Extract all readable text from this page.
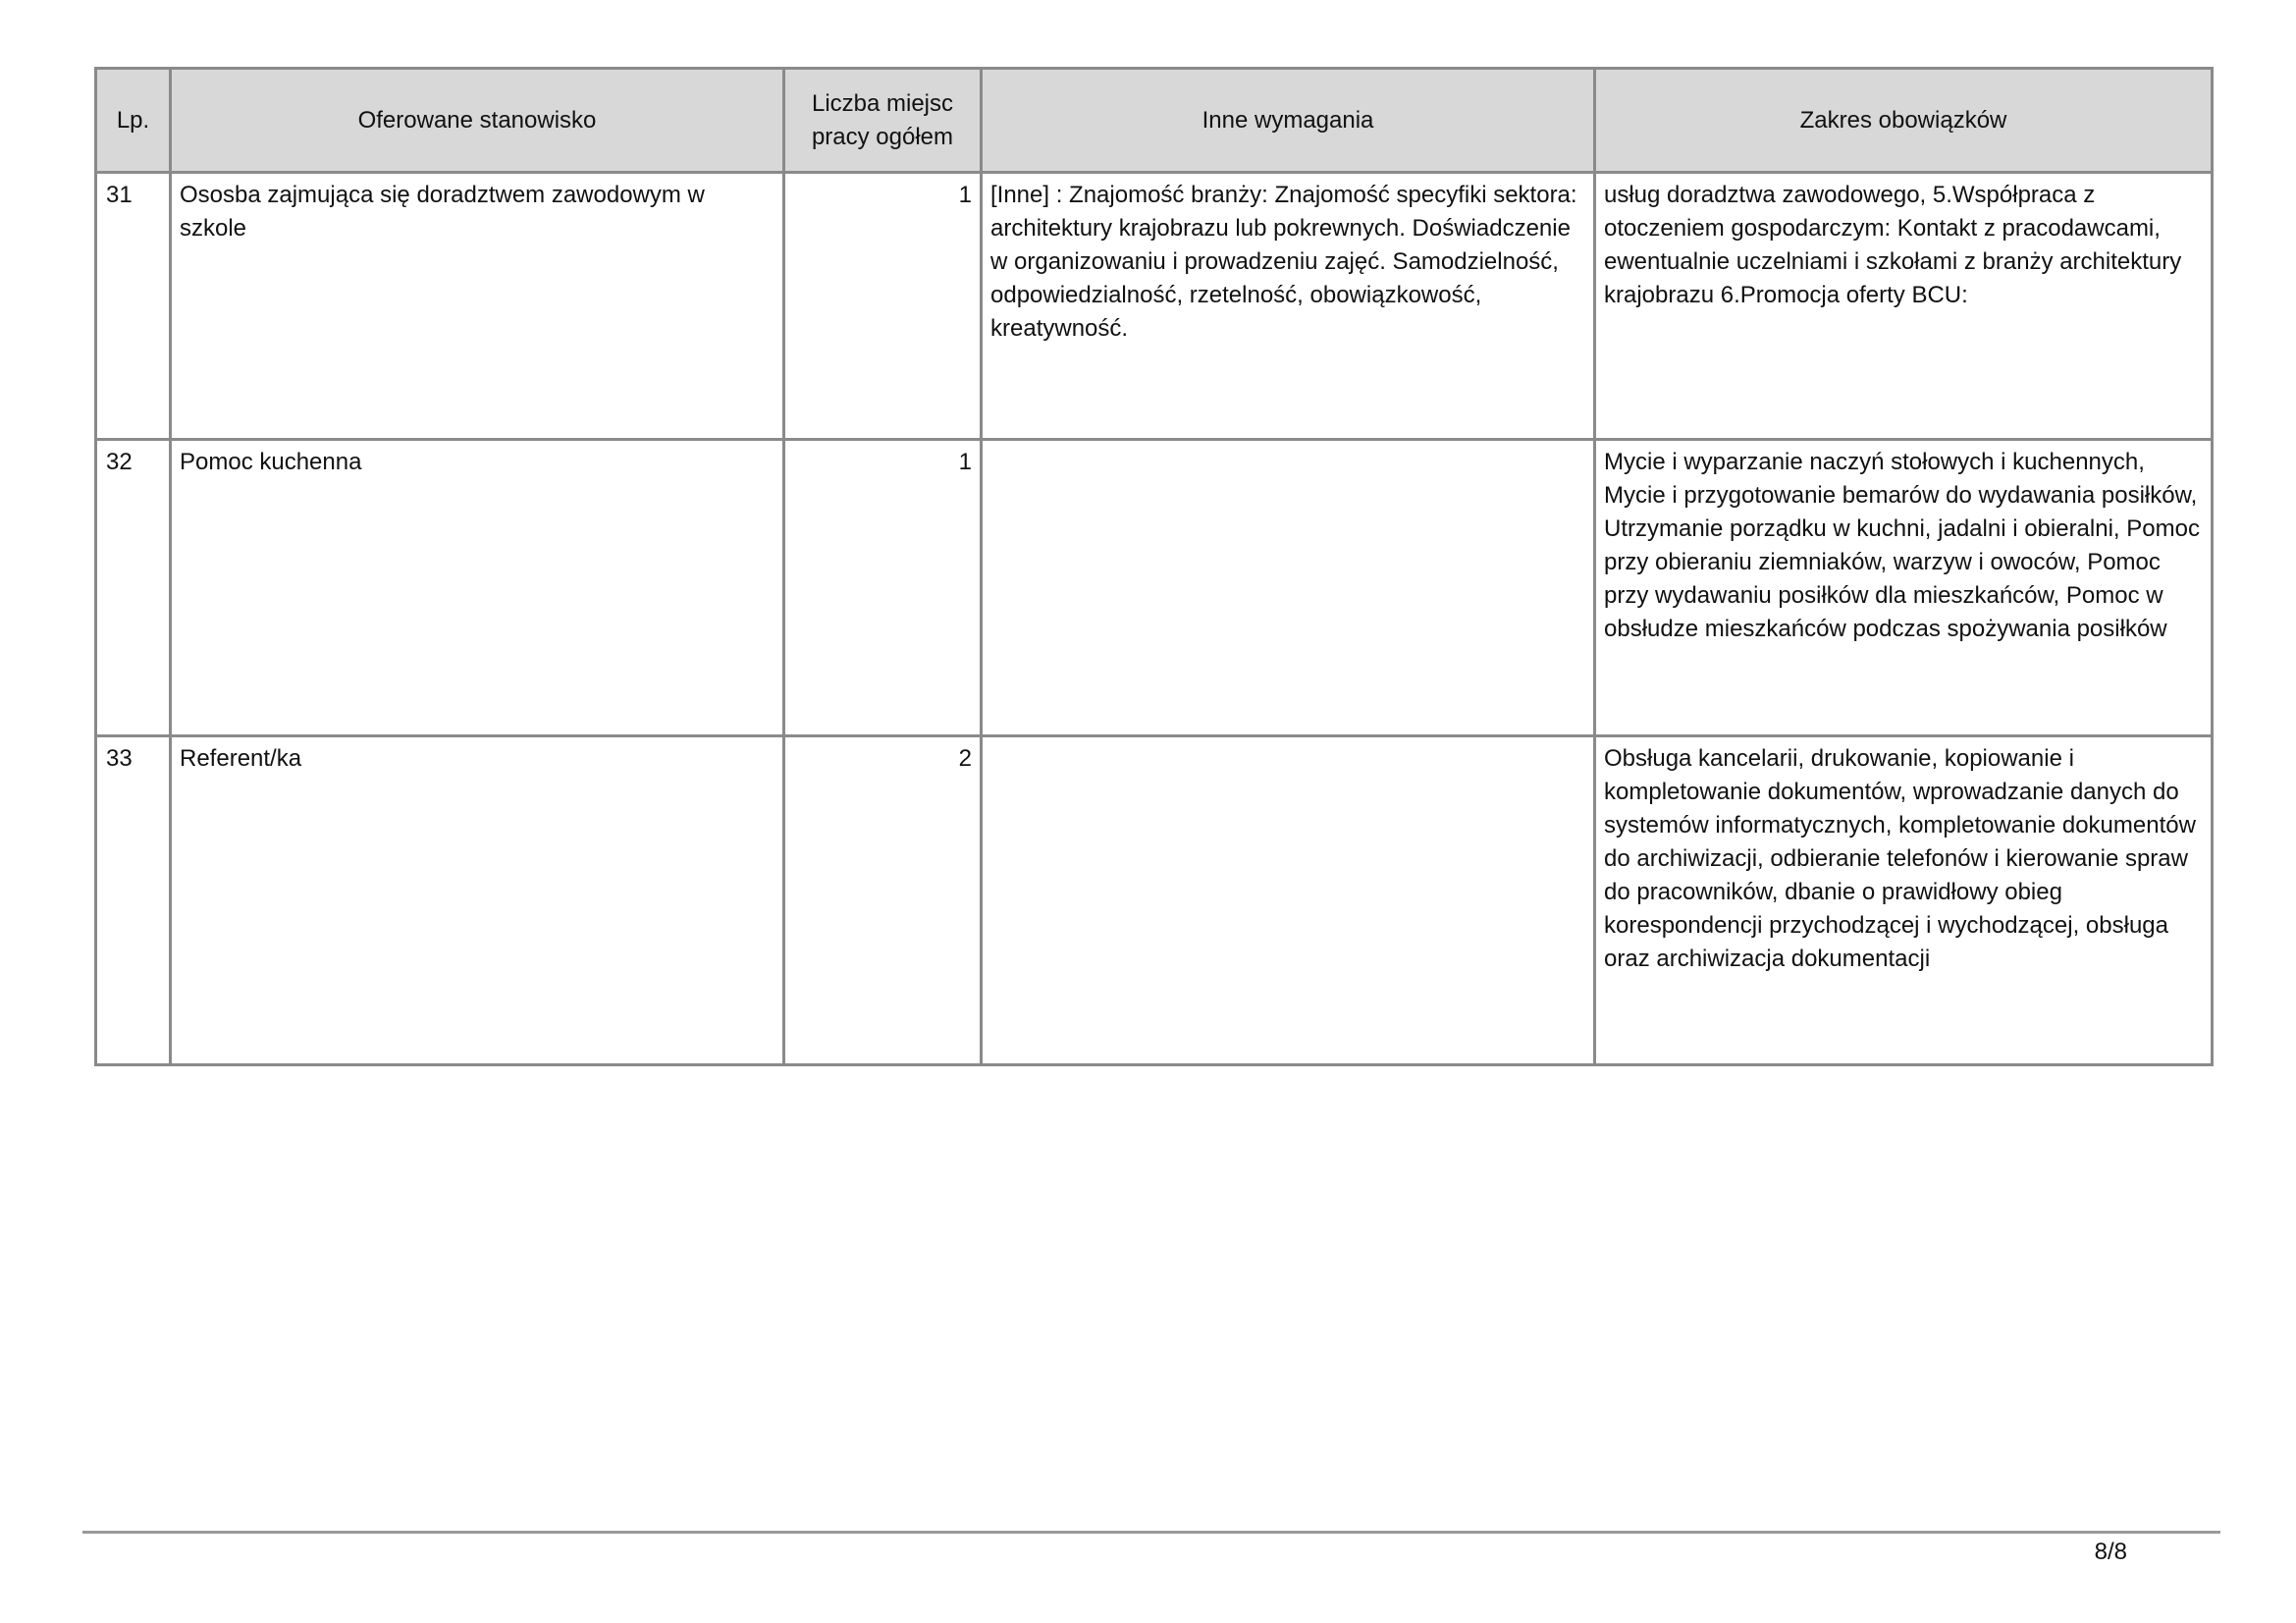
Lp.	Oferowane stanowisko	Liczba miejsc pracy ogółem	Inne wymagania	Zakres obowiązków
31	Ososba zajmująca się doradztwem zawodowym w szkole	1	[Inne] : Znajomość branży: Znajomość specyfiki sektora: architektury krajobrazu lub pokrewnych. Doświadczenie w organizowaniu i prowadzeniu zajęć. Samodzielność, odpowiedzialność, rzetelność, obowiązkowość, kreatywność.	usług doradztwa zawodowego, 5.Współpraca z otoczeniem gospodarczym: Kontakt z pracodawcami, ewentualnie uczelniami i szkołami z branży architektury krajobrazu 6.Promocja oferty BCU:
32	Pomoc kuchenna	1		Mycie i wyparzanie naczyń stołowych i kuchennych, Mycie i przygotowanie bemarów do wydawania posiłków, Utrzymanie porządku w kuchni, jadalni i obieralni, Pomoc przy obieraniu ziemniaków, warzyw i owoców, Pomoc przy wydawaniu posiłków dla mieszkańców, Pomoc w obsłudze mieszkańców podczas spożywania posiłków
33	Referent/ka	2		Obsługa kancelarii, drukowanie, kopiowanie i kompletowanie dokumentów, wprowadzanie danych do systemów informatycznych, kompletowanie dokumentów do archiwizacji, odbieranie telefonów i kierowanie spraw do pracowników, dbanie o prawidłowy obieg korespondencji przychodzącej i wychodzącej, obsługa oraz archiwizacja dokumentacji
8/8
